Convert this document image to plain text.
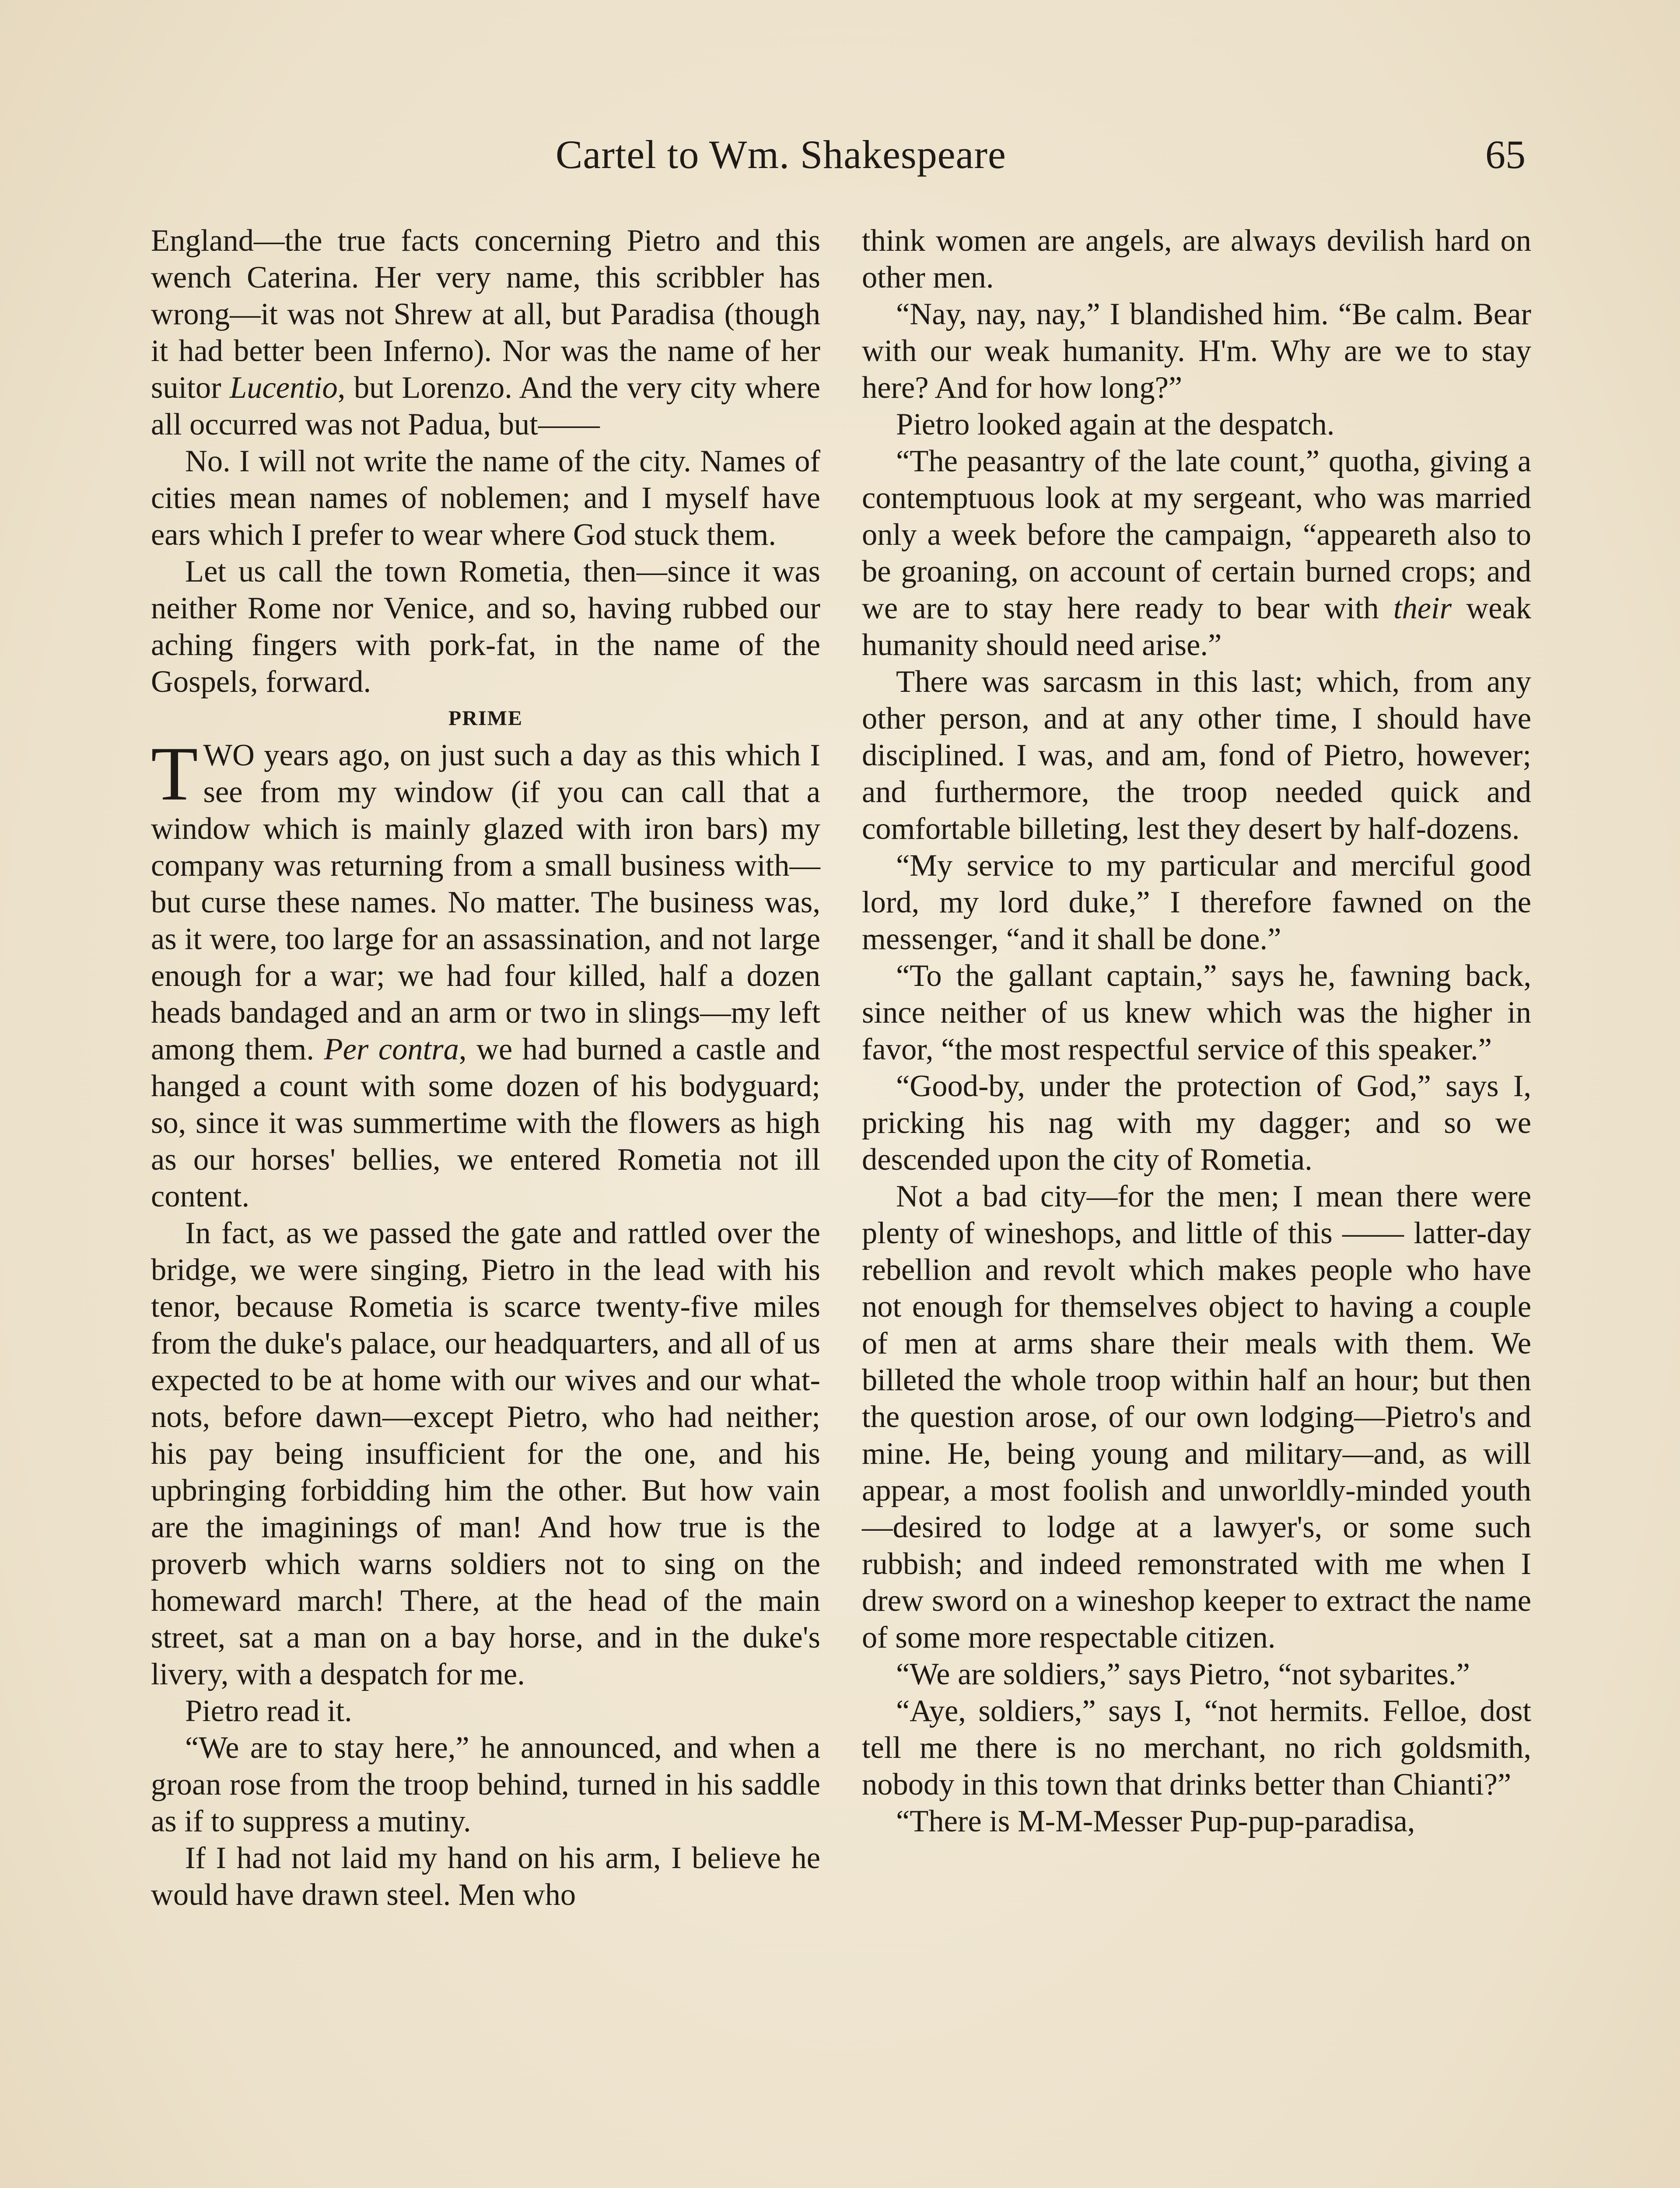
Cartel to Wm. Shakespeare	65

England—the true facts concerning Pietro and this wench Caterina. Her very name, this scribbler has wrong—it was not Shrew at all, but Paradisa (though it had better been Inferno). Nor was the name of her suitor Lucentio, but Lorenzo. And the very city where all occurred was not Padua, but——

No. I will not write the name of the city. Names of cities mean names of noblemen; and I myself have ears which I prefer to wear where God stuck them.

Let us call the town Rometia, then—since it was neither Rome nor Venice, and so, having rubbed our aching fingers with pork-fat, in the name of the Gospels, forward.

PRIME

TWO years ago, on just such a day as this which I see from my window (if you can call that a window which is mainly glazed with iron bars) my company was returning from a small business with—but curse these names. No matter. The business was, as it were, too large for an assassination, and not large enough for a war; we had four killed, half a dozen heads bandaged and an arm or two in slings—my left among them. Per contra, we had burned a castle and hanged a count with some dozen of his bodyguard; so, since it was summertime with the flowers as high as our horses' bellies, we entered Rometia not ill content.

In fact, as we passed the gate and rattled over the bridge, we were singing, Pietro in the lead with his tenor, because Rometia is scarce twenty-five miles from the duke's palace, our headquarters, and all of us expected to be at home with our wives and our what-nots, before dawn—except Pietro, who had neither; his pay being insufficient for the one, and his upbringing forbidding him the other. But how vain are the imaginings of man! And how true is the proverb which warns soldiers not to sing on the homeward march! There, at the head of the main street, sat a man on a bay horse, and in the duke's livery, with a despatch for me.

Pietro read it.

“We are to stay here,” he announced, and when a groan rose from the troop behind, turned in his saddle as if to suppress a mutiny.

If I had not laid my hand on his arm, I believe he would have drawn steel. Men who

think women are angels, are always devilish hard on other men.

“Nay, nay, nay,” I blandished him. “Be calm. Bear with our weak humanity. H'm. Why are we to stay here? And for how long?”

Pietro looked again at the despatch.

“The peasantry of the late count,” quotha, giving a contemptuous look at my sergeant, who was married only a week before the campaign, “appeareth also to be groaning, on account of certain burned crops; and we are to stay here ready to bear with their weak humanity should need arise.”

There was sarcasm in this last; which, from any other person, and at any other time, I should have disciplined. I was, and am, fond of Pietro, however; and furthermore, the troop needed quick and comfortable billeting, lest they desert by half-dozens.

“My service to my particular and merciful good lord, my lord duke,” I therefore fawned on the messenger, “and it shall be done.”

“To the gallant captain,” says he, fawning back, since neither of us knew which was the higher in favor, “the most respectful service of this speaker.”

“Good-by, under the protection of God,” says I, pricking his nag with my dagger; and so we descended upon the city of Rometia.

Not a bad city—for the men; I mean there were plenty of wineshops, and little of this —— latter-day rebellion and revolt which makes people who have not enough for themselves object to having a couple of men at arms share their meals with them. We billeted the whole troop within half an hour; but then the question arose, of our own lodging—Pietro's and mine. He, being young and military—and, as will appear, a most foolish and unworldly-minded youth—desired to lodge at a lawyer's, or some such rubbish; and indeed remonstrated with me when I drew sword on a wineshop keeper to extract the name of some more respectable citizen.

“We are soldiers,” says Pietro, “not sybarites.”

“Aye, soldiers,” says I, “not hermits. Felloe, dost tell me there is no merchant, no rich goldsmith, nobody in this town that drinks better than Chianti?”

“There is M-M-Messer Pup-pup-paradisa,
